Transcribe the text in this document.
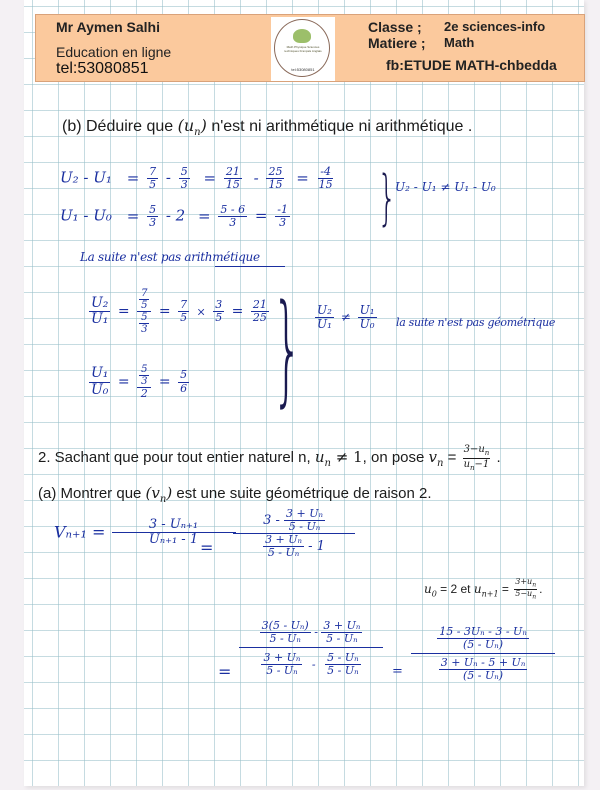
Mr Aymen Salhi
Education en ligne
tel:53080851
Math Physique Sciences techniques Français Anglais
tel:53080851
Classe ;	2e sciences-info
Matiere ;	Math
fb:ETUDE MATH-chbedda
(b) Déduire que $(u_n)$ n'est ni arithmétique ni arithmétique .
$U_2 - U_1 = \frac{7}{5} - \frac{5}{3} = \frac{21}{15} - \frac{25}{15} = \frac{-4}{15}$
$U_1 - U_0 = \frac{5}{3} - 2 = \frac{5 - 6}{3} = \frac{-1}{3}$ }
U₂ - U₁ ≠ U₁ - U₀
La suite n'est pas arithmétique
$\frac{\text{U₂}}{\text{U₁}} = \frac{\frac{7}{5}}{\frac{5}{3}} = \frac{7}{5} \times \frac{3}{5} = \frac{21}{25}$ } $\frac{\text{U₂}}{\text{U₁}} \ne \frac{\text{U₁}}{\text{U₀}}$ la suite n'est pas géométrique
$\frac{\text{U₁}}{\text{U₀}} = \frac{\frac{5}{3}}{2} = \frac{5}{6}$
2. Sachant que pour tout entier naturel n, $u_n \ne 1$, on pose $v_n = \frac{3-u_n}{u_n-1}$ .
(a) Montrer que $(v_n)$ est une suite géométrique de raison 2.
$V_{n+1} = \frac{\text{3 - Uₙ₊₁}}{\text{Uₙ₊₁ - 1}}$
= $\frac{3 - \frac{\text{3 + Uₙ}}{\text{5 - Uₙ}}}{\frac{\text{3 + Uₙ}}{\text{5 - Uₙ}} - 1}$
$u_0 = 2$ et $u_{n+1} = \frac{3+u_n}{5-u_n}$ .
= $\frac{\frac{\text{3(5 - Uₙ)}}{\text{5 - Uₙ}} - \frac{\text{3 + Uₙ}}{\text{5 - Uₙ}}}{\frac{\text{3 + Uₙ}}{\text{5 - Uₙ}} - \frac{\text{5 - Uₙ}}{\text{5 - Uₙ}}} = \frac{\frac{\text{15 - 3Uₙ - 3 - Uₙ}}{\text{(5 - Uₙ)}}}{\frac{\text{3 + Uₙ - 5 + Uₙ}}{\text{(5 - Uₙ)}}}$
